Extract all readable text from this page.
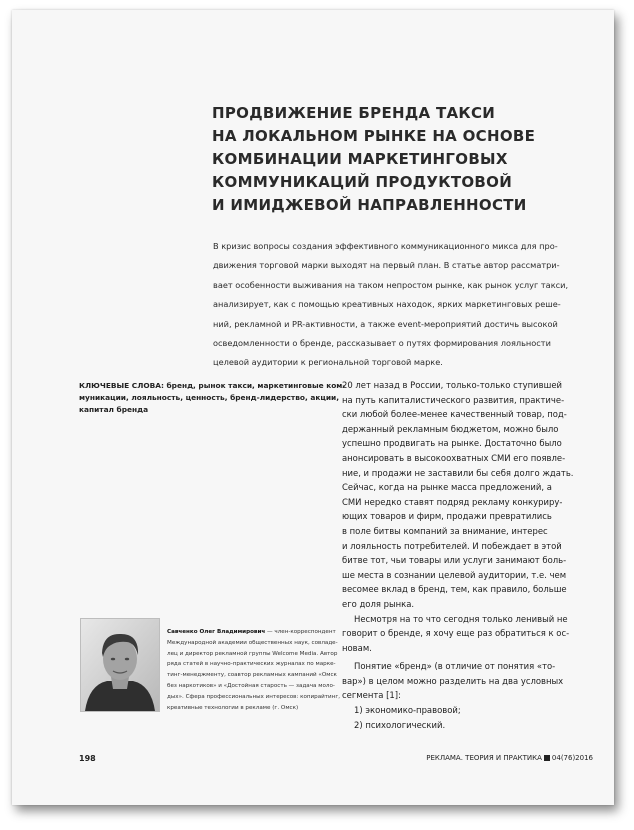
ПРОДВИЖЕНИЕ БРЕНДА ТАКСИ
НА ЛОКАЛЬНОМ РЫНКЕ НА ОСНОВЕ
КОМБИНАЦИИ МАРКЕТИНГОВЫХ
КОММУНИКАЦИЙ ПРОДУКТОВОЙ
И ИМИДЖЕВОЙ НАПРАВЛЕННОСТИ

В кризис вопросы создания эффективного коммуникационного микса для про-
движения торговой марки выходят на первый план. В статье автор рассматри-
вает особенности выживания на таком непростом рынке, как рынок услуг такси,
анализирует, как с помощью креативных находок, ярких маркетинговых реше-
ний, рекламной и PR-активности, а также event-мероприятий достичь высокой
осведомленности о бренде, рассказывает о путях формирования лояльности
целевой аудитории к региональной торговой марке.

КЛЮЧЕВЫЕ СЛОВА: бренд, рынок такси, маркетинговые ком-
муникации, лояльность, ценность, бренд-лидерство, акции,
капитал бренда

20 лет назад в России, только-только ступившей
на путь капиталистического развития, практиче-
ски любой более-менее качественный товар, под-
держанный рекламным бюджетом, можно было
успешно продвигать на рынке. Достаточно было
анонсировать в высокоохватных СМИ его появле-
ние, и продажи не заставили бы себя долго ждать.
Сейчас, когда на рынке масса предложений, а
СМИ нередко ставят подряд рекламу конкуриру-
ющих товаров и фирм, продажи превратились
в поле битвы компаний за внимание, интерес
и лояльность потребителей. И побеждает в этой
битве тот, чьи товары или услуги занимают боль-
ше места в сознании целевой аудитории, т.е. чем
весомее вклад в бренд, тем, как правило, больше
его доля рынка.
Несмотря на то что сегодня только ленивый не
говорит о бренде, я хочу еще раз обратиться к ос-
новам.
Понятие «бренд» (в отличие от понятия «то-
вар») в целом можно разделить на два условных
сегмента [1]:
1) экономико-правовой;
2) психологический.
Савченко Олег Владимирович — член-корреспондент
Международной академии общественных наук, совладе-
лец и директор рекламной группы Welcome Media. Автор
ряда статей в научно-практических журналах по марке-
тинг-менеджменту, соавтор рекламных кампаний «Омск
без наркотиков» и «Достойная старость — задача моло-
дых». Сфера профессиональных интересов: копирайтинг,
креативные технологии в рекламе (г. Омск)
198	РЕКЛАМА. ТЕОРИЯ И ПРАКТИКА 04(76)2016
